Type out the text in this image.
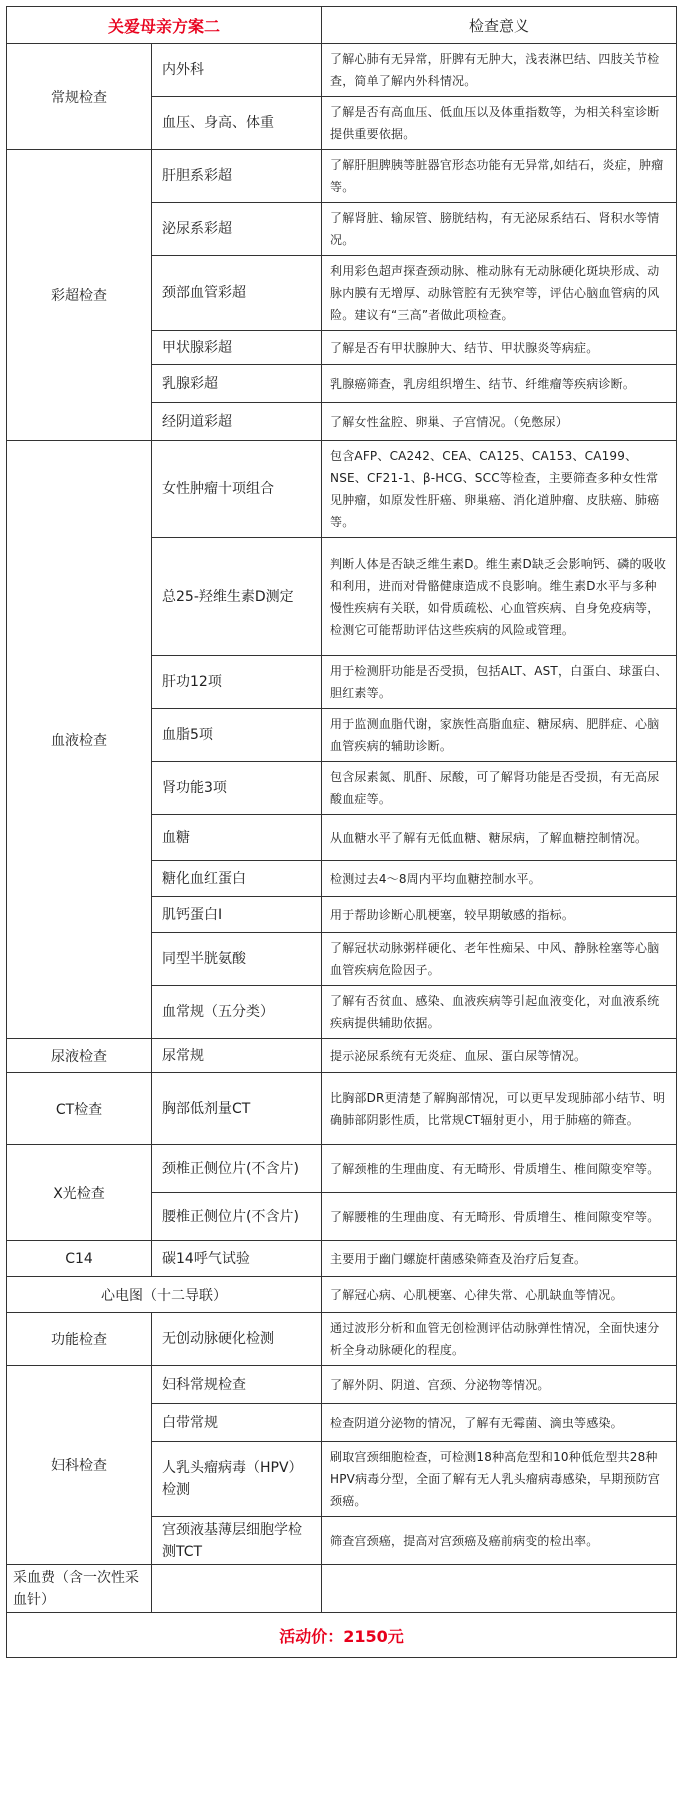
关爱母亲方案二		检查意义
常规检查	内外科	了解心肺有无异常，肝脾有无肿大，浅表淋巴结、四肢关节检查，简单了解内外科情况。
	血压、身高、体重	了解是否有高血压、低血压以及体重指数等，为相关科室诊断提供重要依据。
彩超检查	肝胆系彩超	了解肝胆脾胰等脏器官形态功能有无异常,如结石，炎症，肿瘤等。
	泌尿系彩超	了解肾脏、输尿管、膀胱结构，有无泌尿系结石、肾积水等情况。
	颈部血管彩超	利用彩色超声探查颈动脉、椎动脉有无动脉硬化斑块形成、动脉内膜有无增厚、动脉管腔有无狭窄等，评估心脑血管病的风险。建议有“三高”者做此项检查。
	甲状腺彩超	了解是否有甲状腺肿大、结节、甲状腺炎等病症。
	乳腺彩超	乳腺癌筛查，乳房组织增生、结节、纤维瘤等疾病诊断。
	经阴道彩超	了解女性盆腔、卵巢、子宫情况。（免憋尿）
血液检查	女性肿瘤十项组合	包含AFP、CA242、CEA、CA125、CA153、CA199、NSE、CF21-1、β-HCG、SCC等检查，主要筛查多种女性常见肿瘤，如原发性肝癌、卵巢癌、消化道肿瘤、皮肤癌、肺癌等。
	总25-羟维生素D测定	判断人体是否缺乏维生素D。维生素D缺乏会影响钙、磷的吸收和利用，进而对骨骼健康造成不良影响。维生素D水平与多种慢性疾病有关联，如骨质疏松、心血管疾病、自身免疫病等，检测它可能帮助评估这些疾病的风险或管理。
	肝功12项	用于检测肝功能是否受损，包括ALT、AST，白蛋白、球蛋白、胆红素等。
	血脂5项	用于监测血脂代谢，家族性高脂血症、糖尿病、肥胖症、心脑血管疾病的辅助诊断。
	肾功能3项	包含尿素氮、肌酐、尿酸，可了解肾功能是否受损，有无高尿酸血症等。
	血糖	从血糖水平了解有无低血糖、糖尿病，了解血糖控制情况。
	糖化血红蛋白	检测过去4～8周内平均血糖控制水平。
	肌钙蛋白I	用于帮助诊断心肌梗塞，较早期敏感的指标。
	同型半胱氨酸	了解冠状动脉粥样硬化、老年性痴呆、中风、静脉栓塞等心脑血管疾病危险因子。
	血常规（五分类）	了解有否贫血、感染、血液疾病等引起血液变化，对血液系统疾病提供辅助依据。
尿液检查	尿常规	提示泌尿系统有无炎症、血尿、蛋白尿等情况。
CT检查	胸部低剂量CT	比胸部DR更清楚了解胸部情况，可以更早发现肺部小结节、明确肺部阴影性质，比常规CT辐射更小，用于肺癌的筛查。
X光检查	颈椎正侧位片(不含片)	了解颈椎的生理曲度、有无畸形、骨质增生、椎间隙变窄等。
	腰椎正侧位片(不含片)	了解腰椎的生理曲度、有无畸形、骨质增生、椎间隙变窄等。
C14	碳14呼气试验	主要用于幽门螺旋杆菌感染筛查及治疗后复查。
心电图（十二导联）		了解冠心病、心肌梗塞、心律失常、心肌缺血等情况。
功能检查	无创动脉硬化检测	通过波形分析和血管无创检测评估动脉弹性情况，全面快速分析全身动脉硬化的程度。
妇科检查	妇科常规检查	了解外阴、阴道、宫颈、分泌物等情况。
	白带常规	检查阴道分泌物的情况，了解有无霉菌、滴虫等感染。
	人乳头瘤病毒（HPV）检测	刷取宫颈细胞检查，可检测18种高危型和10种低危型共28种HPV病毒分型，全面了解有无人乳头瘤病毒感染，早期预防宫颈癌。
	宫颈液基薄层细胞学检测TCT	筛查宫颈癌，提高对宫颈癌及癌前病变的检出率。
采血费（含一次性采血针）		
活动价：2150元		
